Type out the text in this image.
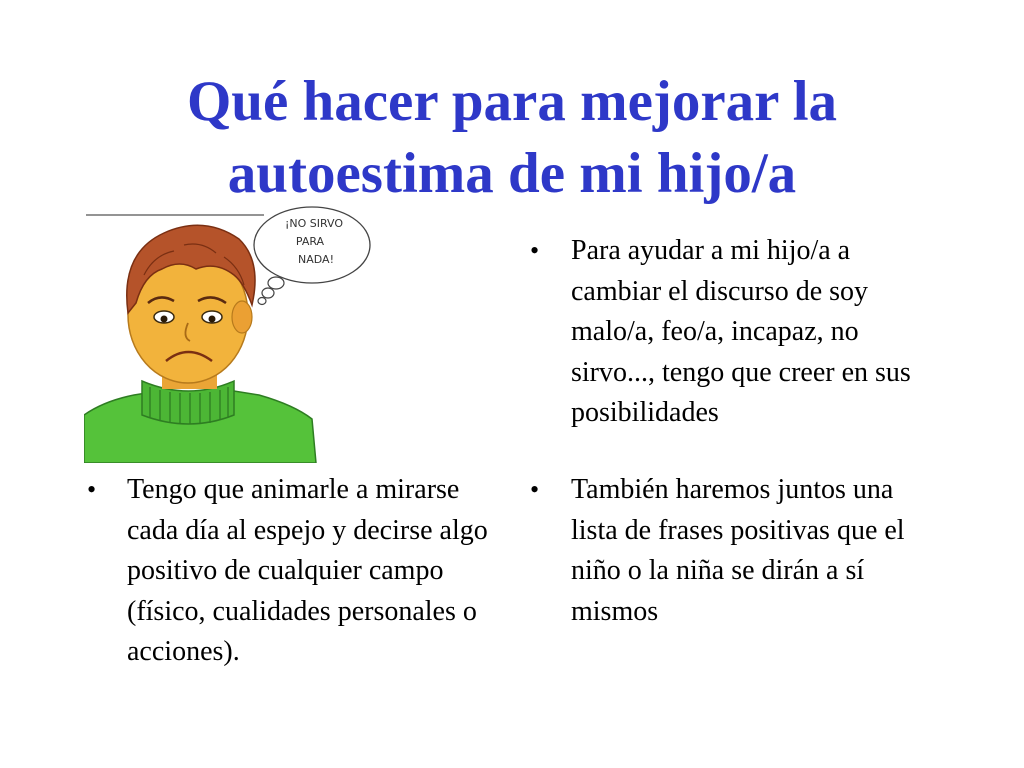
Qué hacer para mejorar la
autoestima de mi hijo/a
¡NO SIRVO
PARA
NADA!	• Para ayudar a mi hijo/a a cambiar el discurso de soy malo/a, feo/a, incapaz, no sirvo..., tengo que creer en sus posibilidades
• Tengo que animarle a mirarse cada día al espejo y decirse algo positivo de cualquier campo (físico, cualidades personales o acciones).
• También haremos juntos una lista de frases positivas que el niño o la niña se dirán a sí mismos
